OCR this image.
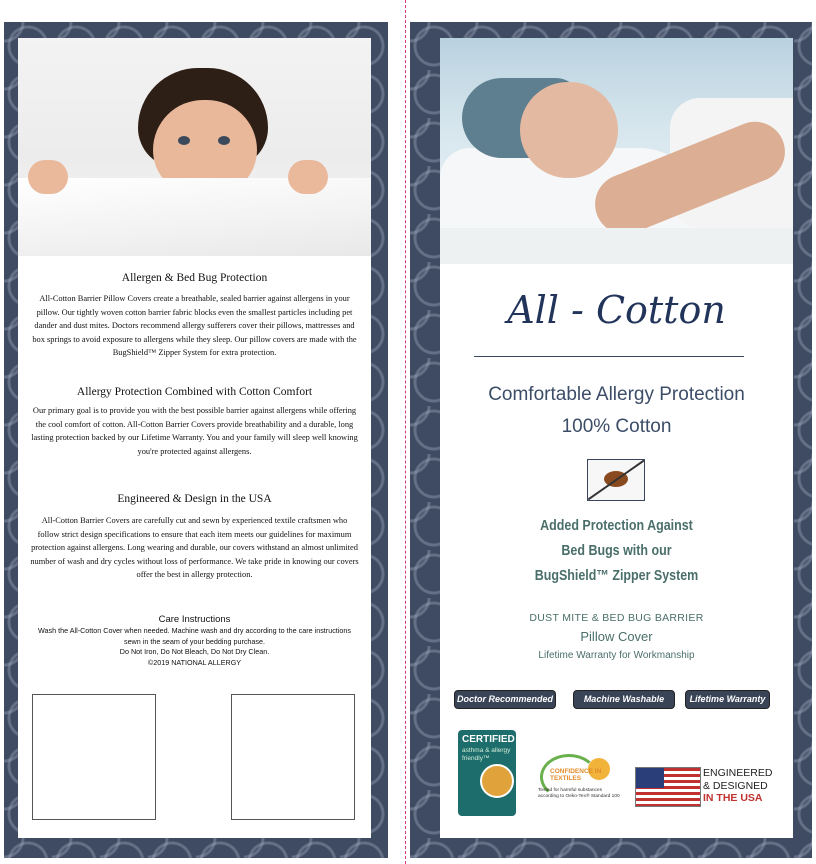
Allergen & Bed Bug Protection
All-Cotton Barrier Pillow Covers create a breathable, sealed barrier against allergens in your pillow. Our tightly woven cotton barrier fabric blocks even the smallest particles including pet dander and dust mites. Doctors recommend allergy sufferers cover their pillows, mattresses and box springs to avoid exposure to allergens while they sleep. Our pillow covers are made with the BugShield™ Zipper System for extra protection.
Allergy Protection Combined with Cotton Comfort
Our primary goal is to provide you with the best possible barrier against allergens while offering the cool comfort of cotton. All-Cotton Barrier Covers provide breathability and a durable, long lasting protection backed by our Lifetime Warranty. You and your family will sleep well knowing you're protected against allergens.
Engineered & Design in the USA
All-Cotton Barrier Covers are carefully cut and sewn by experienced textile craftsmen who follow strict design specifications to ensure that each item meets our guidelines for maximum protection against allergens. Long wearing and durable, our covers withstand an almost unlimited number of wash and dry cycles without loss of performance. We take pride in knowing our covers offer the best in allergy protection.
Care Instructions
Wash the All-Cotton Cover when needed. Machine wash and dry according to the care instructions sewn in the seam of your bedding purchase.
Do Not Iron, Do Not Bleach, Do Not Dry Clean.
©2019 NATIONAL ALLERGY
All - Cotton
Comfortable Allergy Protection
100% Cotton
Added Protection Against
Bed Bugs with our
BugShield™ Zipper System
DUST MITE & BED BUG BARRIER
Pillow Cover
Lifetime Warranty for Workmanship
Doctor Recommended	Machine Washable	Lifetime Warranty
CERTIFIED
asthma & allergy friendly™
CONFIDENCE IN TEXTILES
Tested for harmful substances according to Oeko-Tex® Standard 100
ENGINEERED
& DESIGNED
IN THE USA
